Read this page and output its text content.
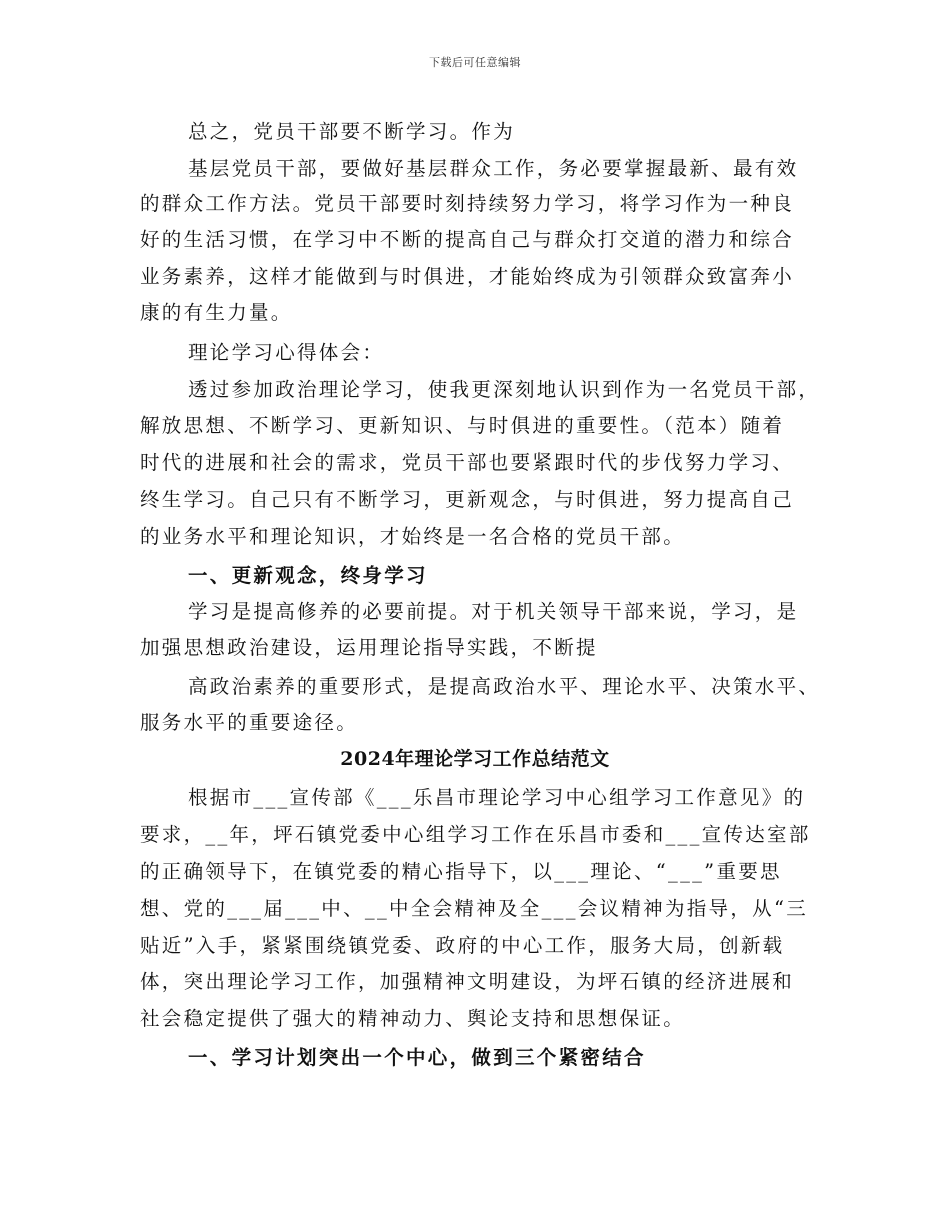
下载后可任意编辑
总之，党员干部要不断学习。作为
基层党员干部，要做好基层群众工作，务必要掌握最新、最有效
的群众工作方法。党员干部要时刻持续努力学习，将学习作为一种良
好的生活习惯，在学习中不断的提高自己与群众打交道的潜力和综合
业务素养，这样才能做到与时俱进，才能始终成为引领群众致富奔小
康的有生力量。
理论学习心得体会：
透过参加政治理论学习，使我更深刻地认识到作为一名党员干部，
解放思想、不断学习、更新知识、与时俱进的重要性。（范本）随着
时代的进展和社会的需求，党员干部也要紧跟时代的步伐努力学习、
终生学习。自己只有不断学习，更新观念，与时俱进，努力提高自己
的业务水平和理论知识，才始终是一名合格的党员干部。
一、更新观念，终身学习
学习是提高修养的必要前提。对于机关领导干部来说，学习，是
加强思想政治建设，运用理论指导实践，不断提
高政治素养的重要形式，是提高政治水平、理论水平、决策水平、
服务水平的重要途径。
2024年理论学习工作总结范文
根据市___宣传部《___乐昌市理论学习中心组学习工作意见》的
要求，__年，坪石镇党委中心组学习工作在乐昌市委和___宣传达室部
的正确领导下，在镇党委的精心指导下，以___理论、“___”重要思
想、党的___届___中、__中全会精神及全___会议精神为指导，从“三
贴近”入手，紧紧围绕镇党委、政府的中心工作，服务大局，创新载
体，突出理论学习工作，加强精神文明建设，为坪石镇的经济进展和
社会稳定提供了强大的精神动力、舆论支持和思想保证。
一、学习计划突出一个中心，做到三个紧密结合
